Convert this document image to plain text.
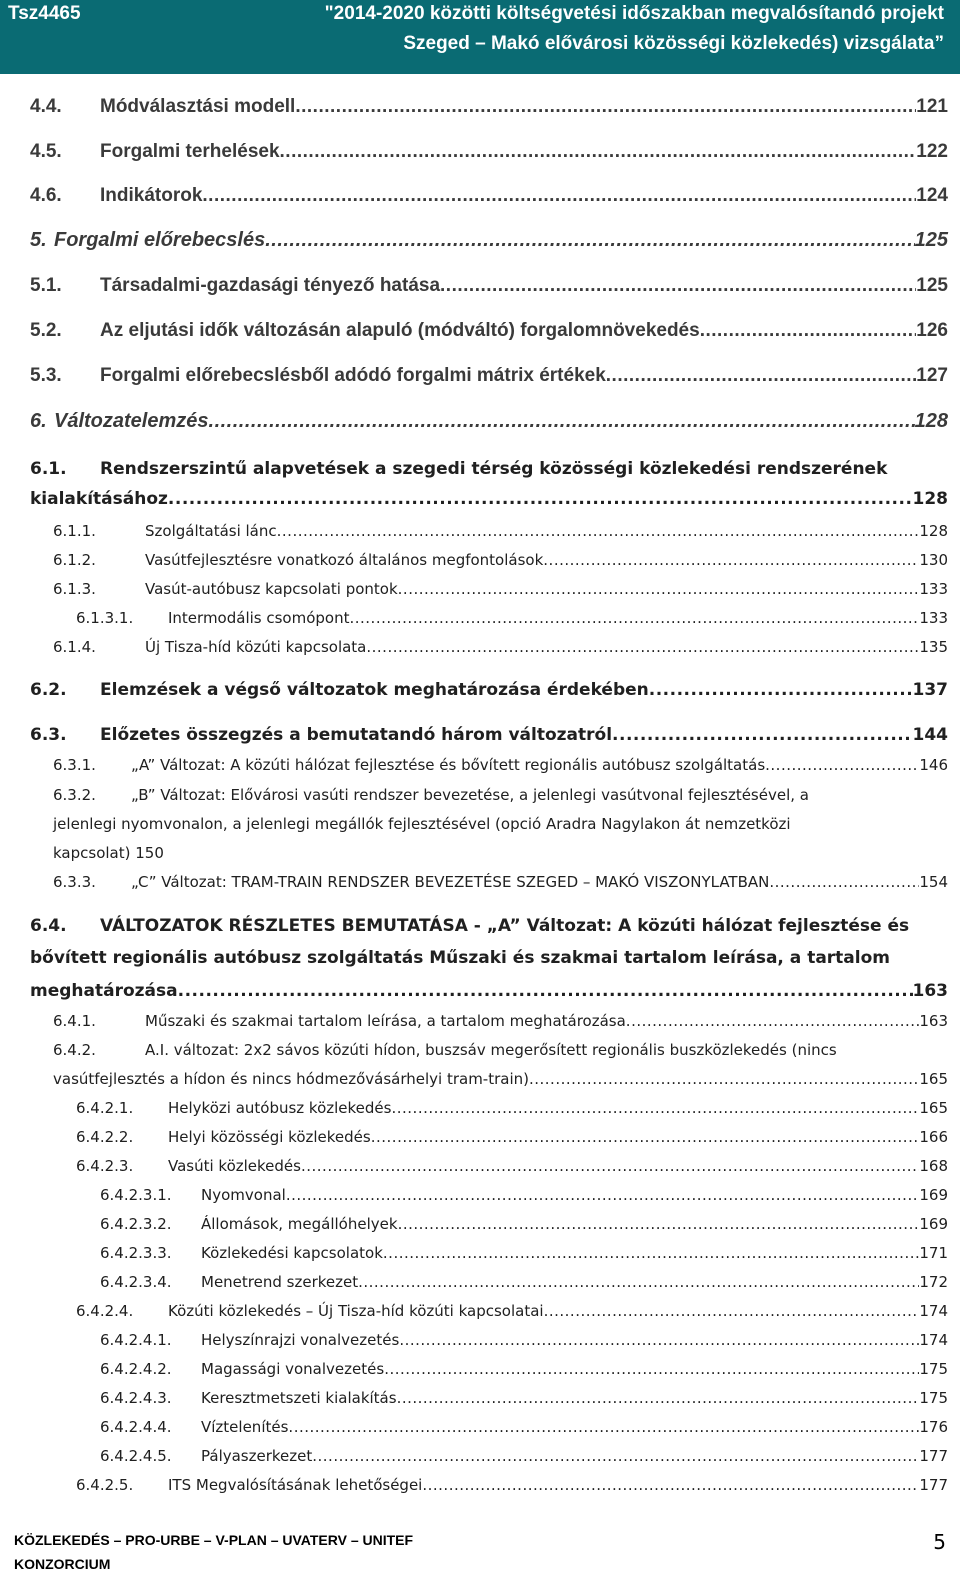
Tsz4465	"2014-2020 közötti költségvetési időszakban megvalósítandó projekt
Szeged – Makó elővárosi közösségi közlekedés) vizsgálata”
4.4.	Módválasztási modell .....	121
4.5.	Forgalmi terhelések .....	122
4.6.	Indikátorok .....	124
5. Forgalmi előrebecslés .....	125
5.1.	Társadalmi-gazdasági tényező hatása .....	125
5.2.	Az eljutási idők változásán alapuló (módváltó) forgalomnövekedés .....	126
5.3.	Forgalmi előrebecslésből adódó forgalmi mátrix értékek .....	127
6. Változatelemzés .....	128
6.1.	Rendszerszintű alapvetések a szegedi térség közösségi közlekedési rendszerének
kialakításához .....	128
6.1.1.	Szolgáltatási lánc .....	128
6.1.2.	Vasútfejlesztésre vonatkozó általános megfontolások .....	130
6.1.3.	Vasút-autóbusz kapcsolati pontok .....	133
6.1.3.1.	Intermodális csomópont .....	133
6.1.4.	Új Tisza-híd közúti kapcsolata .....	135
6.2.	Elemzések a végső változatok meghatározása érdekében .....	137
6.3.	Előzetes összegzés a bemutatandó három változatról .....	144
6.3.1.	„A” Változat: A közúti hálózat fejlesztése és bővített regionális autóbusz szolgáltatás .....	146
6.3.2.	„B” Változat: Elővárosi vasúti rendszer bevezetése, a jelenlegi vasútvonal fejlesztésével, a
jelenlegi nyomvonalon, a jelenlegi megállók fejlesztésével (opció Aradra Nagylakon át nemzetközi
kapcsolat) 150
6.3.3.	„C” Változat: TRAM-TRAIN RENDSZER BEVEZETÉSE SZEGED – MAKÓ VISZONYLATBAN .....	154
6.4.	VÁLTOZATOK RÉSZLETES BEMUTATÁSA - „A” Változat: A közúti hálózat fejlesztése és
bővített regionális autóbusz szolgáltatás Műszaki és szakmai tartalom leírása, a tartalom
meghatározása .....	163
6.4.1.	Műszaki és szakmai tartalom leírása, a tartalom meghatározása .....	163
6.4.2.	A.I. változat: 2x2 sávos közúti hídon, buszsáv megerősített regionális buszközlekedés (nincs
vasútfejlesztés a hídon és nincs hódmezővásárhelyi tram-train) .....	165
6.4.2.1.	Helyközi autóbusz közlekedés .....	165
6.4.2.2.	Helyi közösségi közlekedés .....	166
6.4.2.3.	Vasúti közlekedés .....	168
6.4.2.3.1.	Nyomvonal .....	169
6.4.2.3.2.	Állomások, megállóhelyek .....	169
6.4.2.3.3.	Közlekedési kapcsolatok .....	171
6.4.2.3.4.	Menetrend szerkezet .....	172
6.4.2.4.	Közúti közlekedés – Új Tisza-híd közúti kapcsolatai .....	174
6.4.2.4.1.	Helyszínrajzi vonalvezetés .....	174
6.4.2.4.2.	Magassági vonalvezetés .....	175
6.4.2.4.3.	Keresztmetszeti kialakítás .....	175
6.4.2.4.4.	Víztelenítés .....	176
6.4.2.4.5.	Pályaszerkezet .....	177
6.4.2.5.	ITS Megvalósításának lehetőségei .....	177
KÖZLEKEDÉS – PRO-URBE – V-PLAN – UVATERV – UNITEF
KONZORCIUM
5
